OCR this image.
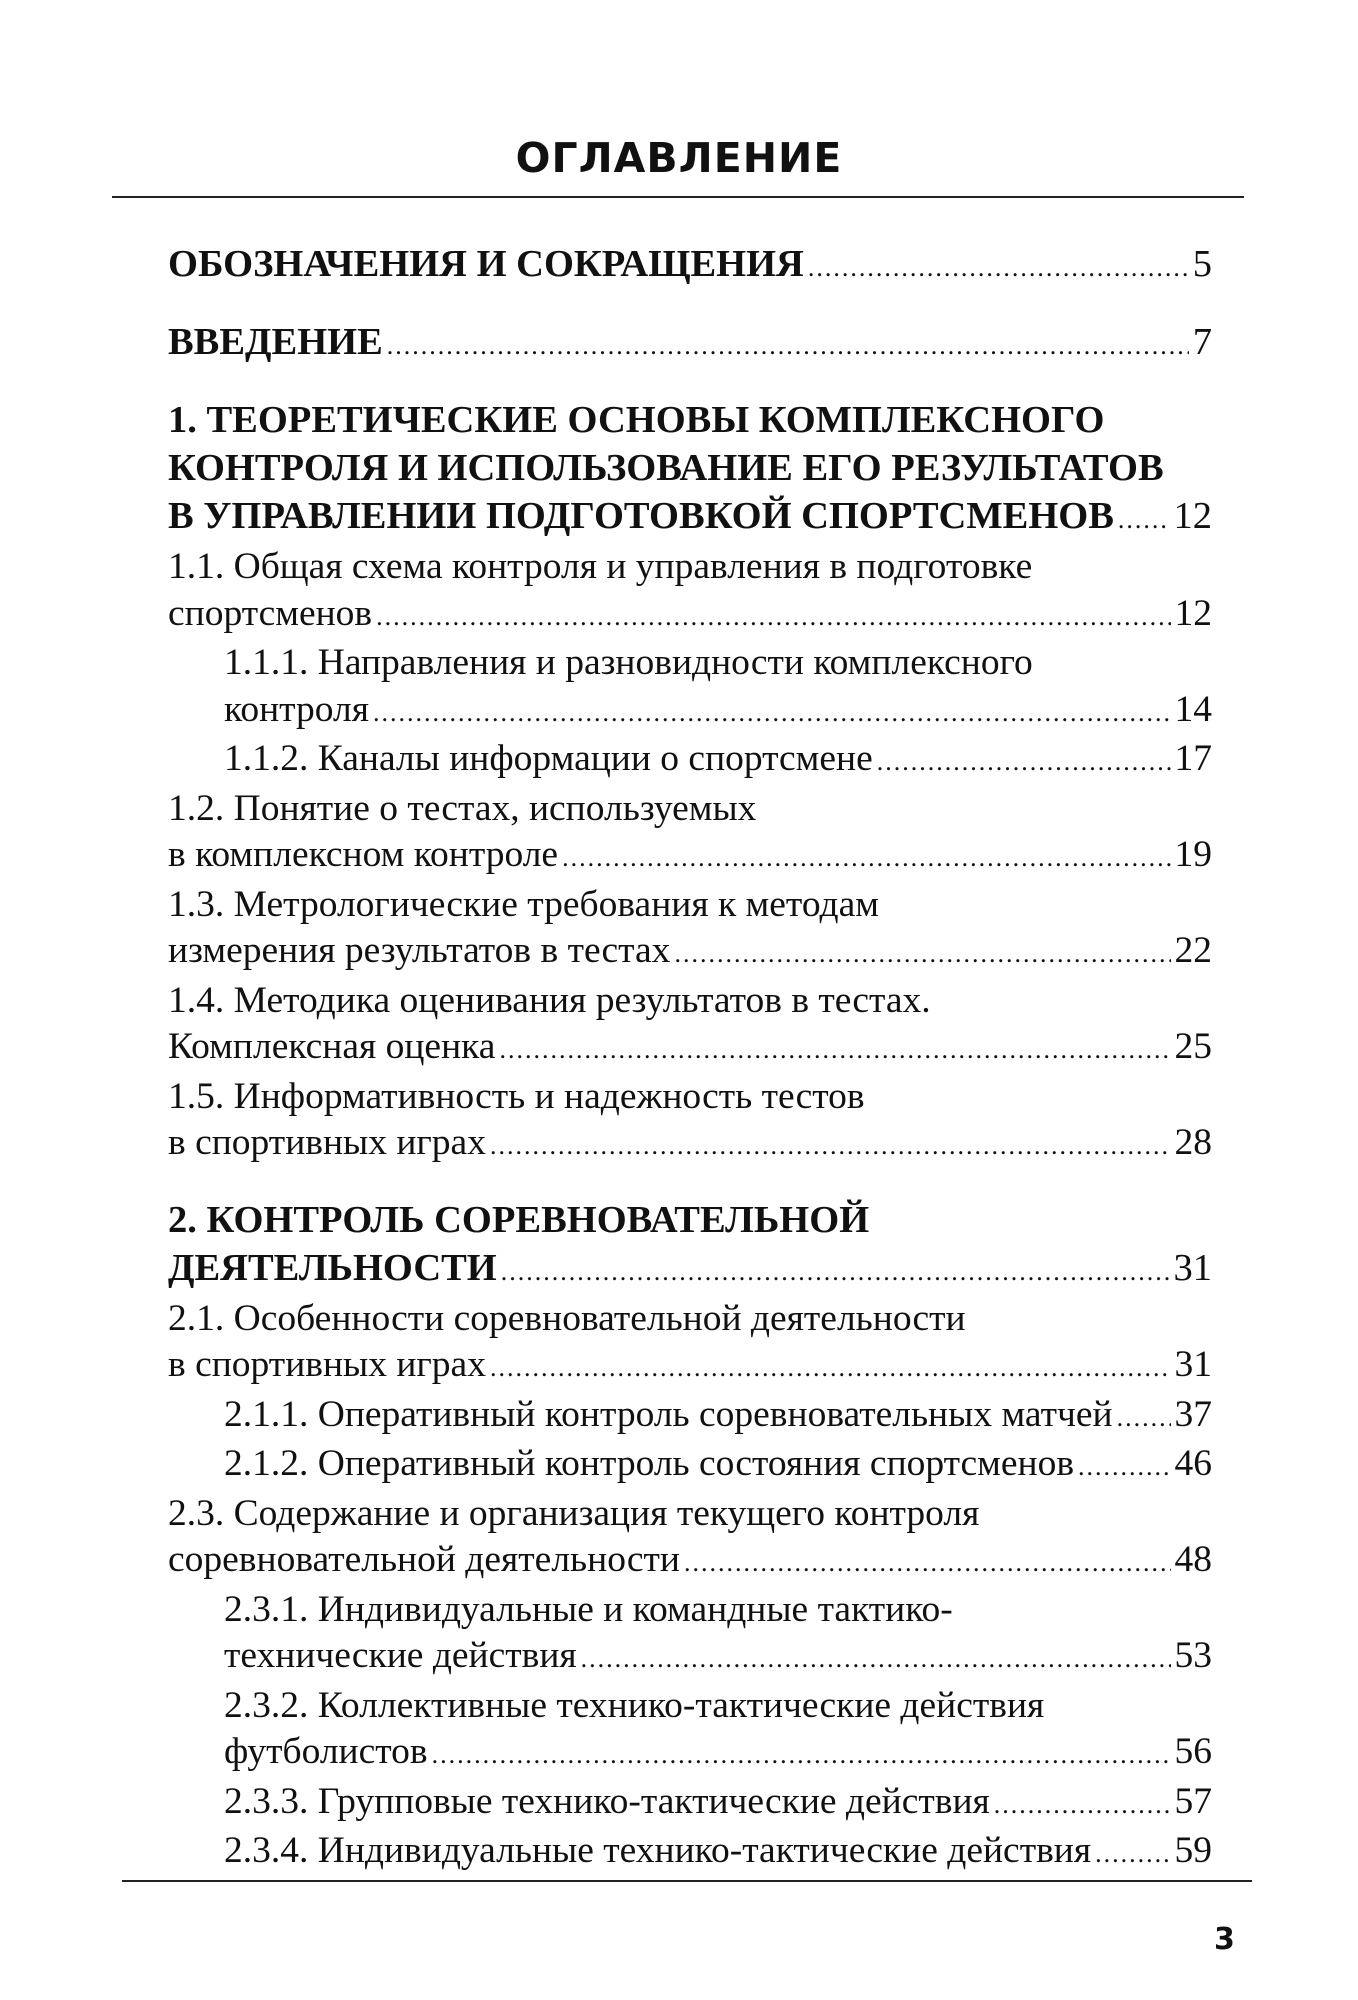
ОГЛАВЛЕНИЕ
ОБОЗНАЧЕНИЯ И СОКРАЩЕНИЯ .....	5
ВВЕДЕНИЕ .....	7
1. ТЕОРЕТИЧЕСКИЕ ОСНОВЫ КОМПЛЕКСНОГО
КОНТРОЛЯ И ИСПОЛЬЗОВАНИЕ ЕГО РЕЗУЛЬТАТОВ
В УПРАВЛЕНИИ ПОДГОТОВКОЙ СПОРТСМЕНОВ ..... 12
1.1. Общая схема контроля и управления в подготовке
спортсменов .....	12
1.1.1. Направления и разновидности комплексного
контроля .....	14
1.1.2. Каналы информации о спортсмене .....	17
1.2. Понятие о тестах, используемых
в комплексном контроле .....	19
1.3. Метрологические требования к методам
измерения результатов в тестах .....	22
1.4. Методика оценивания результатов в тестах.
Комплексная оценка .....	25
1.5. Информативность и надежность тестов
в спортивных играх .....	28
2. КОНТРОЛЬ СОРЕВНОВАТЕЛЬНОЙ
ДЕЯТЕЛЬНОСТИ .....	31
2.1. Особенности соревновательной деятельности
в спортивных играх .....	31
2.1.1. Оперативный контроль соревновательных матчей ..... 37
2.1.2. Оперативный контроль состояния спортсменов .....	46
2.3. Содержание и организация текущего контроля
соревновательной деятельности .....	48
2.3.1. Индивидуальные и командные тактико-
технические действия .....	53
2.3.2. Коллективные технико-тактические действия
футболистов .....	56
2.3.3. Групповые технико-тактические действия .....	57
2.3.4. Индивидуальные технико-тактические действия ..... 59
3
